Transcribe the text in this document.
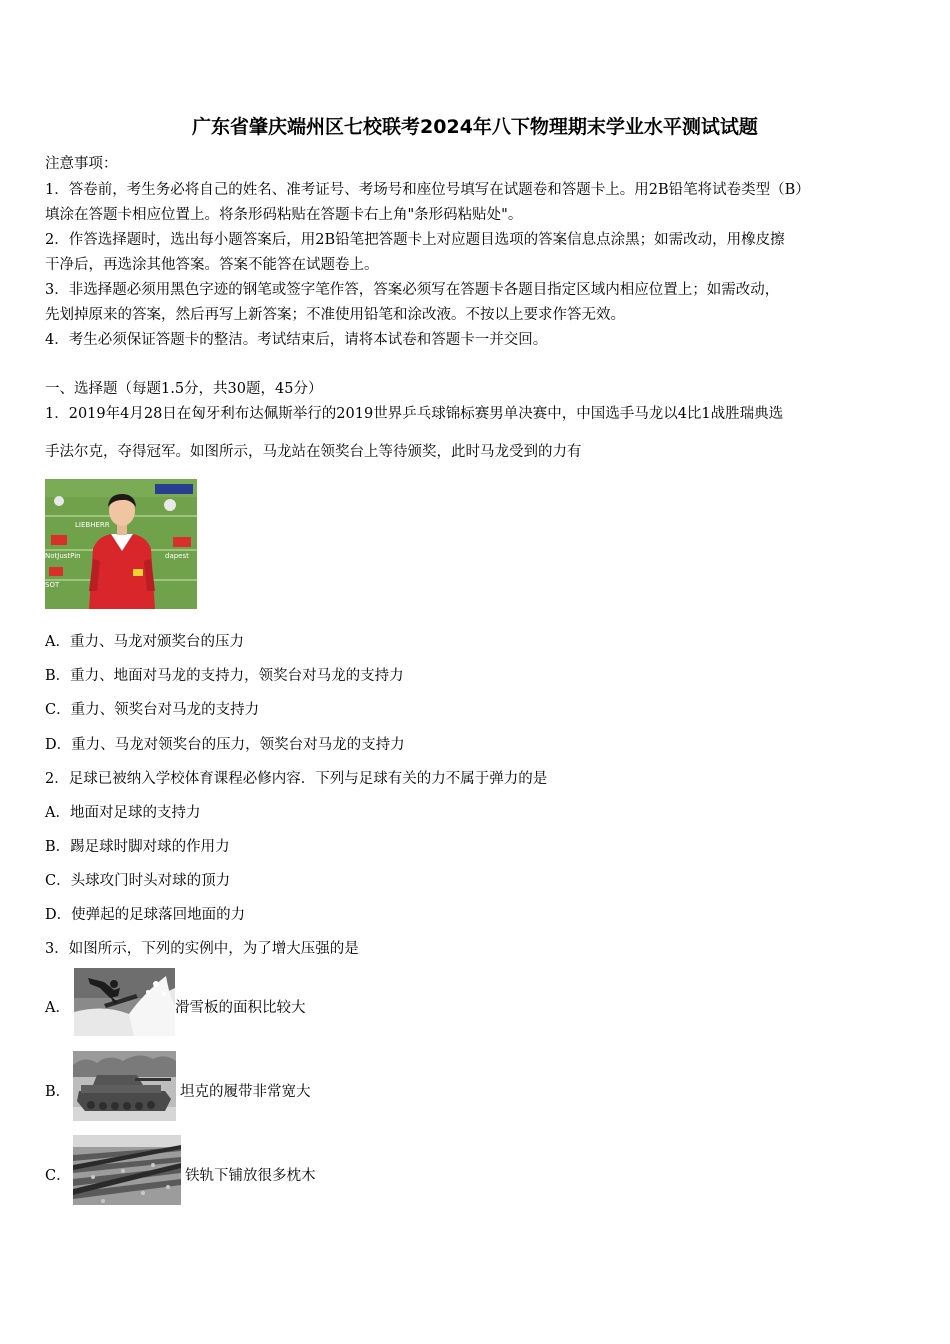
广东省肇庆端州区七校联考2024年八下物理期末学业水平测试试题
注意事项：
1．答卷前，考生务必将自己的姓名、准考证号、考场号和座位号填写在试题卷和答题卡上。用2B铅笔将试卷类型（B）
填涂在答题卡相应位置上。将条形码粘贴在答题卡右上角"条形码粘贴处"。
2．作答选择题时，选出每小题答案后，用2B铅笔把答题卡上对应题目选项的答案信息点涂黑；如需改动，用橡皮擦
干净后，再选涂其他答案。答案不能答在试题卷上。
3．非选择题必须用黑色字迹的钢笔或签字笔作答，答案必须写在答题卡各题目指定区域内相应位置上；如需改动，
先划掉原来的答案，然后再写上新答案；不准使用铅笔和涂改液。不按以上要求作答无效。
4．考生必须保证答题卡的整洁。考试结束后，请将本试卷和答题卡一并交回。
一、选择题（每题1.5分，共30题，45分）
1．2019年4月28日在匈牙利布达佩斯举行的2019世界乒乓球锦标赛男单决赛中，中国选手马龙以4比1战胜瑞典选
手法尔克，夺得冠军。如图所示，马龙站在领奖台上等待颁奖，此时马龙受到的力有
LIEBHERR
NotJustPin	dapest
SOT
A．重力、马龙对颁奖台的压力
B．重力、地面对马龙的支持力，领奖台对马龙的支持力
C．重力、领奖台对马龙的支持力
D．重力、马龙对领奖台的压力，领奖台对马龙的支持力
2．足球已被纳入学校体育课程必修内容．下列与足球有关的力不属于弹力的是
A．地面对足球的支持力
B．踢足球时脚对球的作用力
C．头球攻门时头对球的顶力
D．使弹起的足球落回地面的力
3．如图所示，下列的实例中，为了增大压强的是
A．	滑雪板的面积比较大
B．	坦克的履带非常宽大
C．	铁轨下铺放很多枕木
